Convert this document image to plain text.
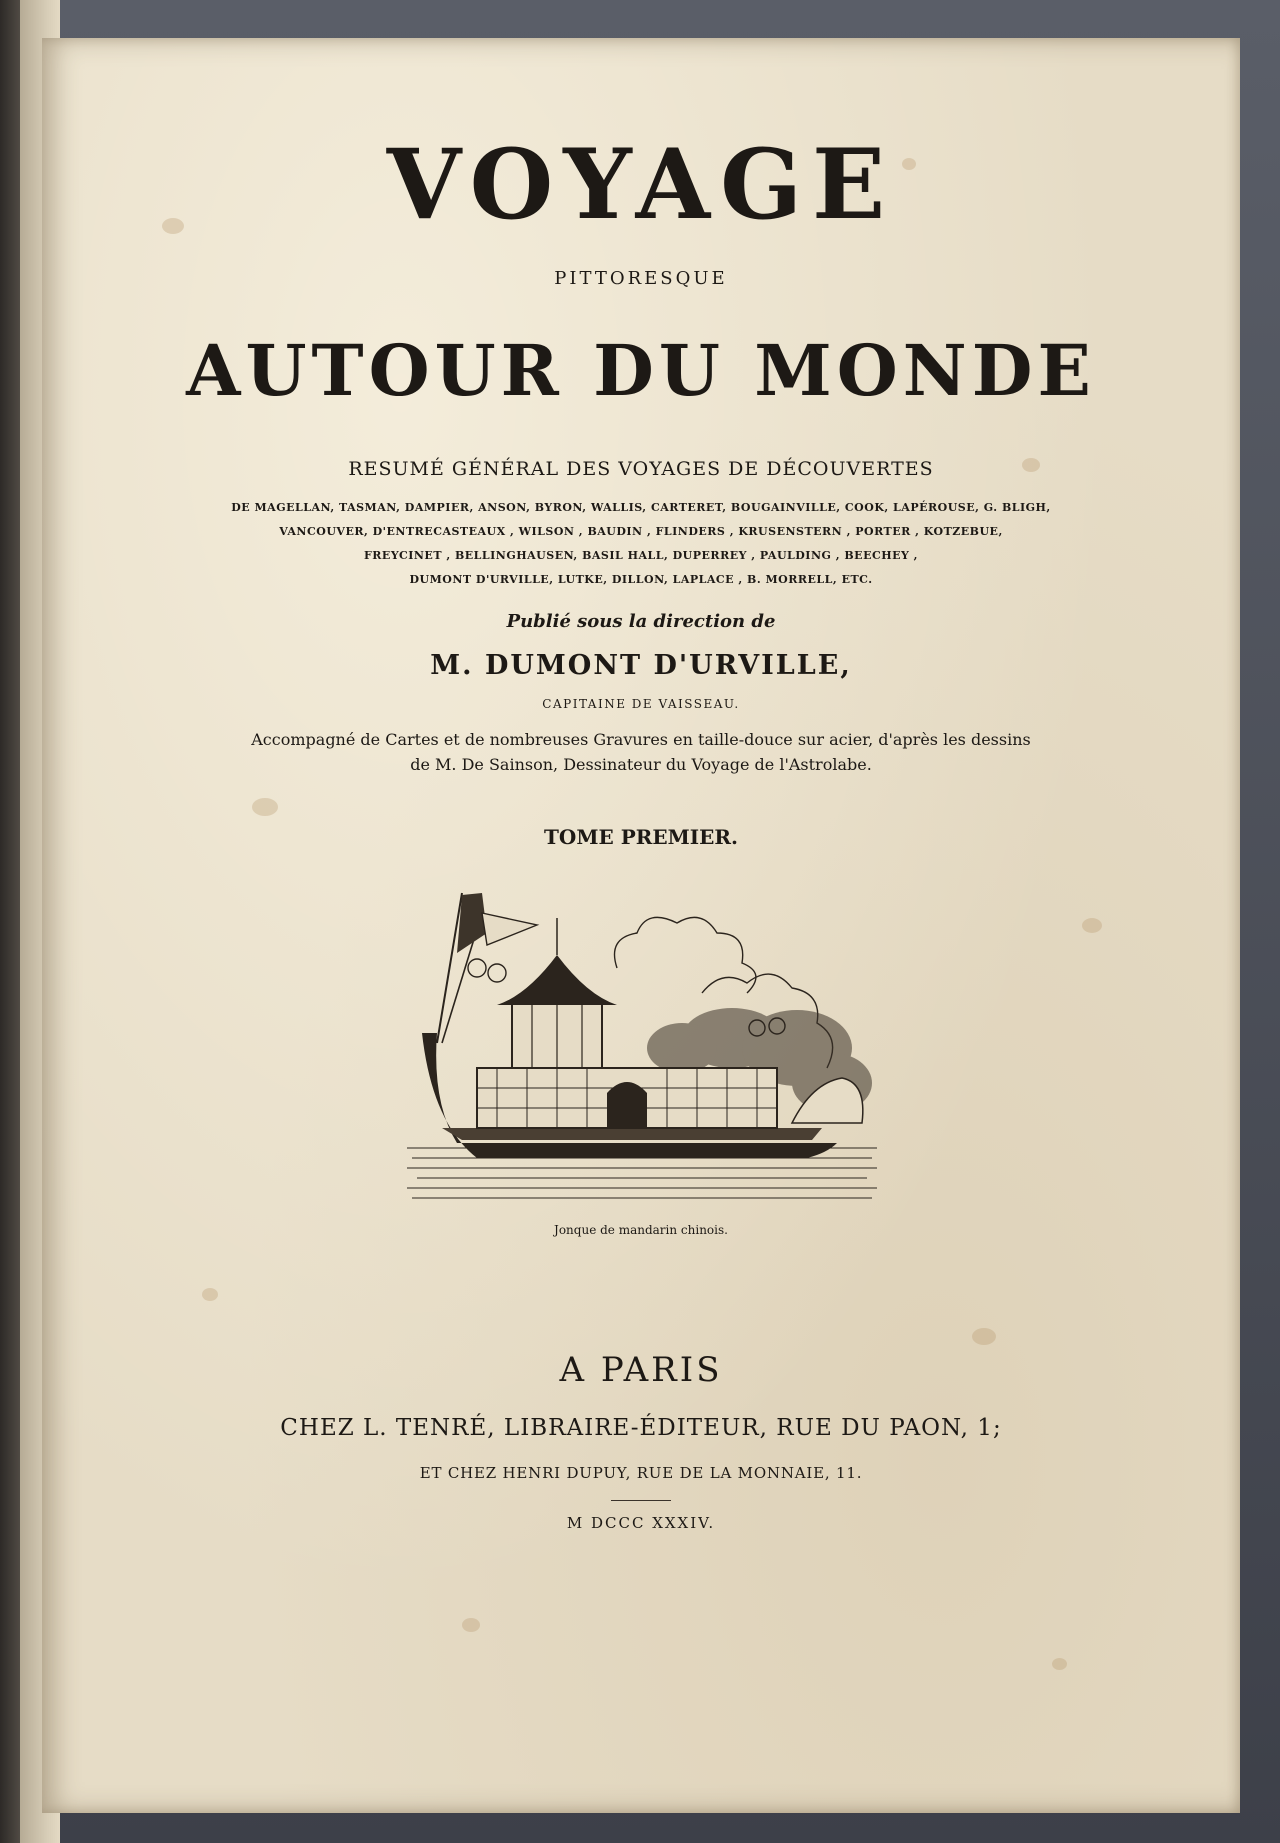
VOYAGE
PITTORESQUE
AUTOUR DU MONDE
RESUMÉ GÉNÉRAL DES VOYAGES DE DÉCOUVERTES
DE MAGELLAN, TASMAN, DAMPIER, ANSON, BYRON, WALLIS, CARTERET, BOUGAINVILLE, COOK, LAPÉROUSE, G. BLIGH,
VANCOUVER, D'ENTRECASTEAUX , WILSON , BAUDIN , FLINDERS , KRUSENSTERN , PORTER , KOTZEBUE,
FREYCINET , BELLINGHAUSEN, BASIL HALL, DUPERREY , PAULDING , BEECHEY ,
DUMONT D'URVILLE, LUTKE, DILLON, LAPLACE , B. MORRELL, ETC.
Publié sous la direction de
M. DUMONT D'URVILLE,
CAPITAINE DE VAISSEAU.
Accompagné de Cartes et de nombreuses Gravures en taille-douce sur acier, d'après les dessins
de M. De Sainson, Dessinateur du Voyage de l'Astrolabe.
TOME PREMIER.
Jonque de mandarin chinois.
A PARIS
CHEZ L. TENRÉ, LIBRAIRE-ÉDITEUR, RUE DU PAON, 1;
ET CHEZ HENRI DUPUY, RUE DE LA MONNAIE, 11.
M DCCC XXXIV.
